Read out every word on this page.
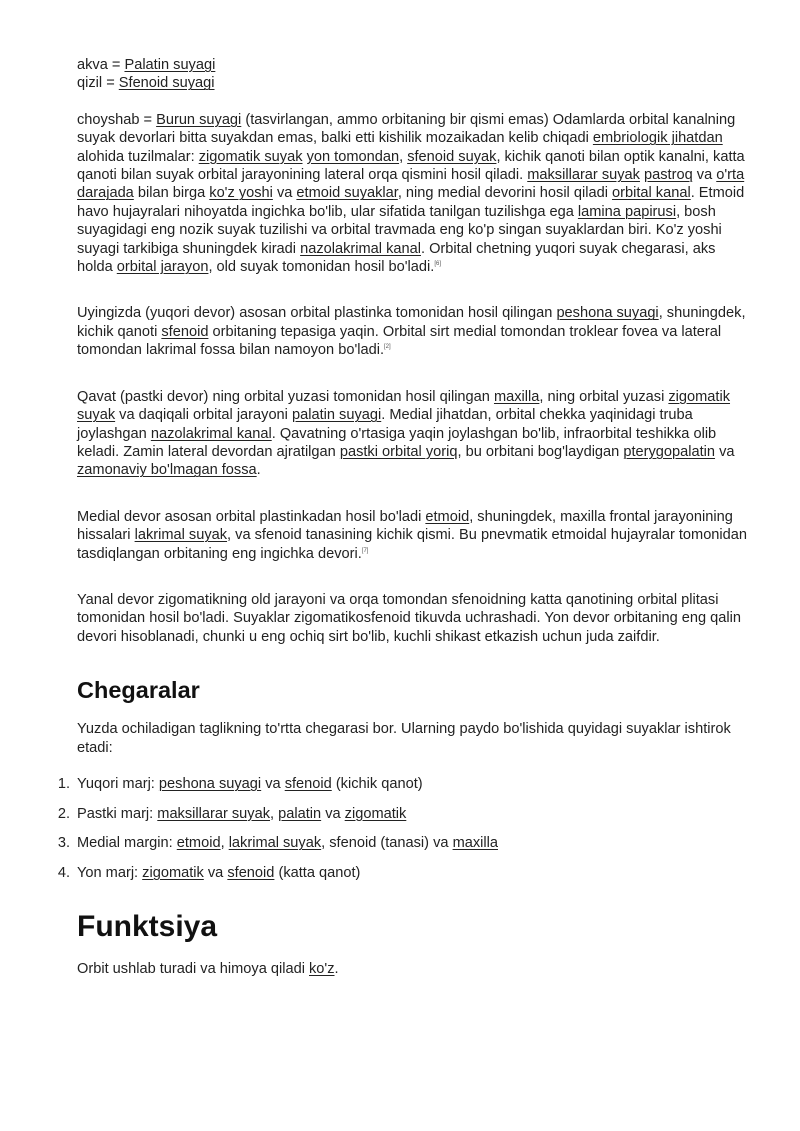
akva = Palatin suyagi

qizil = Sfenoid suyagi

choyshab = Burun suyagi (tasvirlangan, ammo orbitaning bir qismi emas) Odamlarda orbital kanalning suyak devorlari bitta suyakdan emas, balki etti kishilik mozaikadan kelib chiqadi embriologik jihatdan alohida tuzilmalar: zigomatik suyak yon tomondan, sfenoid suyak, kichik qanoti bilan optik kanalni, katta qanoti bilan suyak orbital jarayonining lateral orqa qismini hosil qiladi. maksillarar suyak pastroq va o'rta darajada bilan birga ko'z yoshi va etmoid suyaklar, ning medial devorini hosil qiladi orbital kanal. Etmoid havo hujayralari nihoyatda ingichka bo'lib, ular sifatida tanilgan tuzilishga ega lamina papirusi, bosh suyagidagi eng nozik suyak tuzilishi va orbital travmada eng ko'p singan suyaklardan biri. Ko'z yoshi suyagi tarkibiga shuningdek kiradi nazolakrimal kanal. Orbital chetning yuqori suyak chegarasi, aks holda orbital jarayon, old suyak tomonidan hosil bo'ladi.[6]

Uyingizda (yuqori devor) asosan orbital plastinka tomonidan hosil qilingan peshona suyagi, shuningdek, kichik qanoti sfenoid orbitaning tepasiga yaqin. Orbital sirt medial tomondan troklear fovea va lateral tomondan lakrimal fossa bilan namoyon bo'ladi.[2]

Qavat (pastki devor) ning orbital yuzasi tomonidan hosil qilingan maxilla, ning orbital yuzasi zigomatik suyak va daqiqali orbital jarayoni palatin suyagi. Medial jihatdan, orbital chekka yaqinidagi truba joylashgan nazolakrimal kanal. Qavatning o'rtasiga yaqin joylashgan bo'lib, infraorbital teshikka olib keladi. Zamin lateral devordan ajratilgan pastki orbital yoriq, bu orbitani bog'laydigan pterygopalatin va zamonaviy bo'lmagan fossa.

Medial devor asosan orbital plastinkadan hosil bo'ladi etmoid, shuningdek, maxilla frontal jarayonining hissalari lakrimal suyak, va sfenoid tanasining kichik qismi. Bu pnevmatik etmoidal hujayralar tomonidan tasdiqlangan orbitaning eng ingichka devori.[7]

Yanal devor zigomatikning old jarayoni va orqa tomondan sfenoidning katta qanotining orbital plitasi tomonidan hosil bo'ladi. Suyaklar zigomatikosfenoid tikuvda uchrashadi. Yon devor orbitaning eng qalin devori hisoblanadi, chunki u eng ochiq sirt bo'lib, kuchli shikast etkazish uchun juda zaifdir.

Chegaralar

Yuzda ochiladigan taglikning to'rtta chegarasi bor. Ularning paydo bo'lishida quyidagi suyaklar ishtirok etadi:

1. Yuqori marj: peshona suyagi va sfenoid (kichik qanot)
2. Pastki marj: maksillarar suyak, palatin va zigomatik
3. Medial margin: etmoid, lakrimal suyak, sfenoid (tanasi) va maxilla
4. Yon marj: zigomatik va sfenoid (katta qanot)
Funktsiya

Orbit ushlab turadi va himoya qiladi ko'z.
